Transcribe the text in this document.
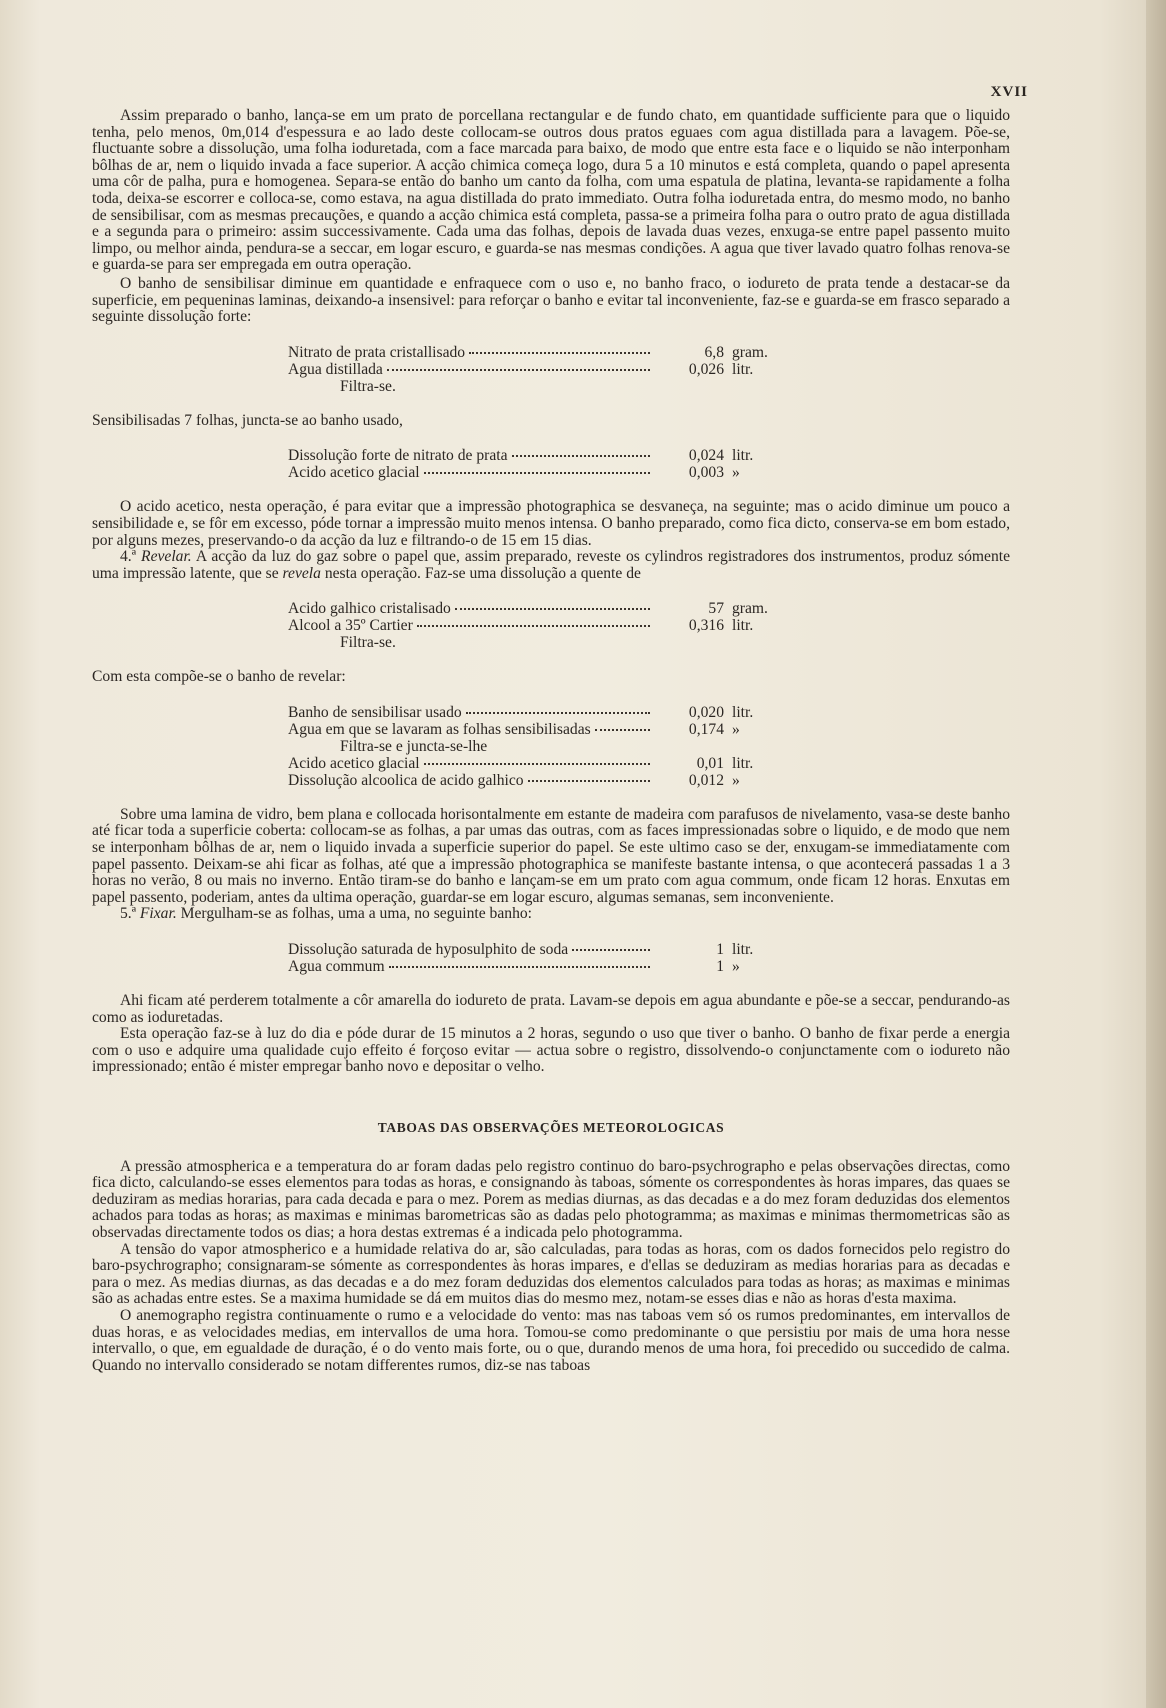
XVII

Assim preparado o banho, lança-se em um prato de porcellana rectangular e de fundo chato, em quantidade sufficiente para que o liquido tenha, pelo menos, 0m,014 d'espessura e ao lado deste collocam-se outros dous pratos eguaes com agua distillada para a lavagem. Põe-se, fluctuante sobre a dissolução, uma folha ioduretada, com a face marcada para baixo, de modo que entre esta face e o liquido se não interponham bôlhas de ar, nem o liquido invada a face superior. A acção chimica começa logo, dura 5 a 10 minutos e está completa, quando o papel apresenta uma côr de palha, pura e homogenea. Separa-se então do banho um canto da folha, com uma espatula de platina, levanta-se rapidamente a folha toda, deixa-se escorrer e colloca-se, como estava, na agua distillada do prato immediato. Outra folha ioduretada entra, do mesmo modo, no banho de sensibilisar, com as mesmas precauções, e quando a acção chimica está completa, passa-se a primeira folha para o outro prato de agua distillada e a segunda para o primeiro: assim successivamente. Cada uma das folhas, depois de lavada duas vezes, enxuga-se entre papel passento muito limpo, ou melhor ainda, pendura-se a seccar, em logar escuro, e guarda-se nas mesmas condições. A agua que tiver lavado quatro folhas renova-se e guarda-se para ser empregada em outra operação.

O banho de sensibilisar diminue em quantidade e enfraquece com o uso e, no banho fraco, o iodureto de prata tende a destacar-se da superficie, em pequeninas laminas, deixando-a insensivel: para reforçar o banho e evitar tal inconveniente, faz-se e guarda-se em frasco separado a seguinte dissolução forte:

Nitrato de prata cristallisado	6,8 gram.
Agua distillada	0,026 litr.
Filtra-se.

Sensibilisadas 7 folhas, juncta-se ao banho usado,

Dissolução forte de nitrato de prata	0,024 litr.
Acido acetico glacial	0,003 »

O acido acetico, nesta operação, é para evitar que a impressão photographica se desvaneça, na seguinte; mas o acido diminue um pouco a sensibilidade e, se fôr em excesso, póde tornar a impressão muito menos intensa. O banho preparado, como fica dicto, conserva-se em bom estado, por alguns mezes, preservando-o da acção da luz e filtrando-o de 15 em 15 dias.

4.ª Revelar. A acção da luz do gaz sobre o papel que, assim preparado, reveste os cylindros registradores dos instrumentos, produz sómente uma impressão latente, que se revela nesta operação. Faz-se uma dissolução a quente de

Acido galhico cristalisado	57 gram.
Alcool a 35º Cartier	0,316 litr.
Filtra-se.

Com esta compõe-se o banho de revelar:

Banho de sensibilisar usado	0,020 litr.
Agua em que se lavaram as folhas sensibilisadas	0,174 »
Filtra-se e juncta-se-lhe
Acido acetico glacial	0,01 litr.
Dissolução alcoolica de acido galhico	0,012 »

Sobre uma lamina de vidro, bem plana e collocada horisontalmente em estante de madeira com parafusos de nivelamento, vasa-se deste banho até ficar toda a superficie coberta: collocam-se as folhas, a par umas das outras, com as faces impressionadas sobre o liquido, e de modo que nem se interponham bôlhas de ar, nem o liquido invada a superficie superior do papel. Se este ultimo caso se der, enxugam-se immediatamente com papel passento. Deixam-se ahi ficar as folhas, até que a impressão photographica se manifeste bastante intensa, o que acontecerá passadas 1 a 3 horas no verão, 8 ou mais no inverno. Então tiram-se do banho e lançam-se em um prato com agua commum, onde ficam 12 horas. Enxutas em papel passento, poderiam, antes da ultima operação, guardar-se em logar escuro, algumas semanas, sem inconveniente.

5.ª Fixar. Mergulham-se as folhas, uma a uma, no seguinte banho:

Dissolução saturada de hyposulphito de soda	1 litr.
Agua commum	1 »

Ahi ficam até perderem totalmente a côr amarella do iodureto de prata. Lavam-se depois em agua abundante e põe-se a seccar, pendurando-as como as ioduretadas.

Esta operação faz-se à luz do dia e póde durar de 15 minutos a 2 horas, segundo o uso que tiver o banho. O banho de fixar perde a energia com o uso e adquire uma qualidade cujo effeito é forçoso evitar — actua sobre o registro, dissolvendo-o conjunctamente com o iodureto não impressionado; então é mister empregar banho novo e depositar o velho.

TABOAS DAS OBSERVAÇÕES METEOROLOGICAS

A pressão atmospherica e a temperatura do ar foram dadas pelo registro continuo do baro-psychrographo e pelas observações directas, como fica dicto, calculando-se esses elementos para todas as horas, e consignando às taboas, sómente os correspondentes às horas impares, das quaes se deduziram as medias horarias, para cada decada e para o mez. Porem as medias diurnas, as das decadas e a do mez foram deduzidas dos elementos achados para todas as horas; as maximas e minimas barometricas são as dadas pelo photogramma; as maximas e minimas thermometricas são as observadas directamente todos os dias; a hora destas extremas é a indicada pelo photogramma.

A tensão do vapor atmospherico e a humidade relativa do ar, são calculadas, para todas as horas, com os dados fornecidos pelo registro do baro-psychrographo; consignaram-se sómente as correspondentes às horas impares, e d'ellas se deduziram as medias horarias para as decadas e para o mez. As medias diurnas, as das decadas e a do mez foram deduzidas dos elementos calculados para todas as horas; as maximas e minimas são as achadas entre estes. Se a maxima humidade se dá em muitos dias do mesmo mez, notam-se esses dias e não as horas d'esta maxima.

O anemographo registra continuamente o rumo e a velocidade do vento: mas nas taboas vem só os rumos predominantes, em intervallos de duas horas, e as velocidades medias, em intervallos de uma hora. Tomou-se como predominante o que persistiu por mais de uma hora nesse intervallo, o que, em egualdade de duração, é o do vento mais forte, ou o que, durando menos de uma hora, foi precedido ou succedido de calma. Quando no intervallo considerado se notam differentes rumos, diz-se nas taboas
